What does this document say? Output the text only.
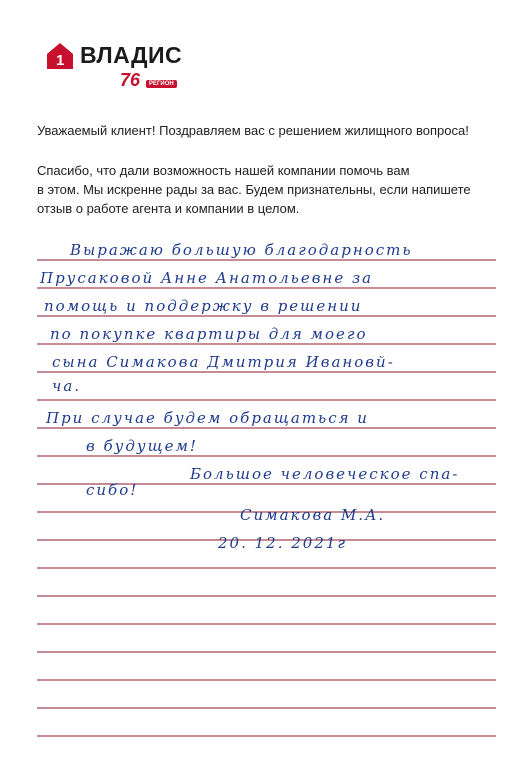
1 ВЛАДИС
76	РЕГИОН
Уважаемый клиент! Поздравляем вас с решением жилищного вопроса!
Спасибо, что дали возможность нашей компании помочь вам
в этом. Мы искренне рады за вас. Будем признательны, если напишете
отзыв о работе агента и компании в целом.
Выражаю большую благодарность
Прусаковой Анне Анатольевне за
помощь и поддержку в решении
по покупке квартиры для моего
сына Симакова Дмитрия Ивановй-
ча.
При случае будем обращаться и
в будущем!
Большое человеческое спа-
сибо!
Симакова М.А.
20. 12. 2021г
